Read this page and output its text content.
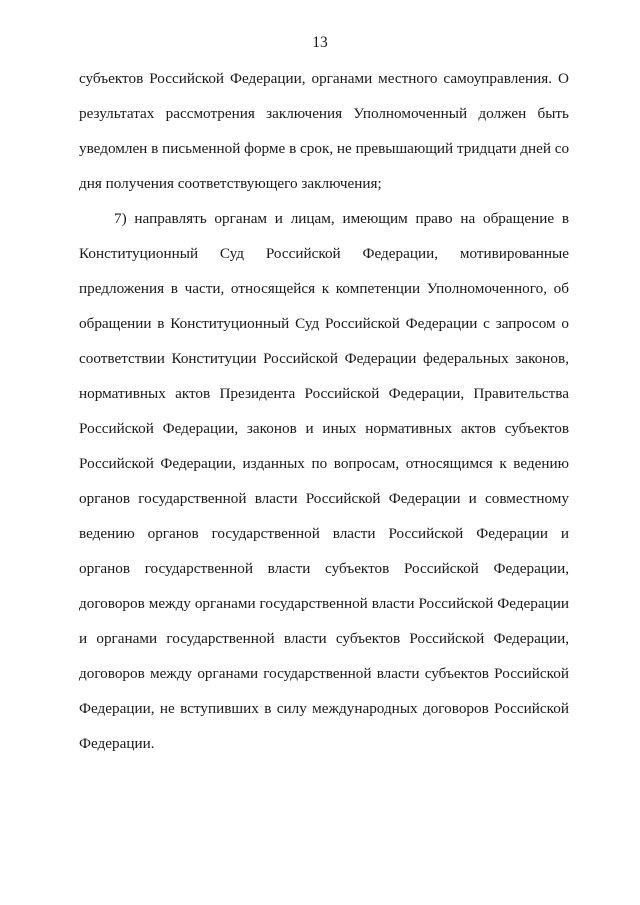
13
субъектов Российской Федерации, органами местного самоуправления. О
результатах рассмотрения заключения Уполномоченный должен быть
уведомлен в письменной форме в срок, не превышающий тридцати дней со
дня получения соответствующего заключения;
7) направлять органам и лицам, имеющим право на обращение в
Конституционный Суд Российской Федерации, мотивированные
предложения в части, относящейся к компетенции Уполномоченного, об
обращении в Конституционный Суд Российской Федерации с запросом о
соответствии Конституции Российской Федерации федеральных законов,
нормативных актов Президента Российской Федерации, Правительства
Российской Федерации, законов и иных нормативных актов субъектов
Российской Федерации, изданных по вопросам, относящимся к ведению
органов государственной власти Российской Федерации и совместному
ведению органов государственной власти Российской Федерации и
органов государственной власти субъектов Российской Федерации,
договоров между органами государственной власти Российской Федерации
и органами государственной власти субъектов Российской Федерации,
договоров между органами государственной власти субъектов Российской
Федерации, не вступивших в силу международных договоров Российской
Федерации.
